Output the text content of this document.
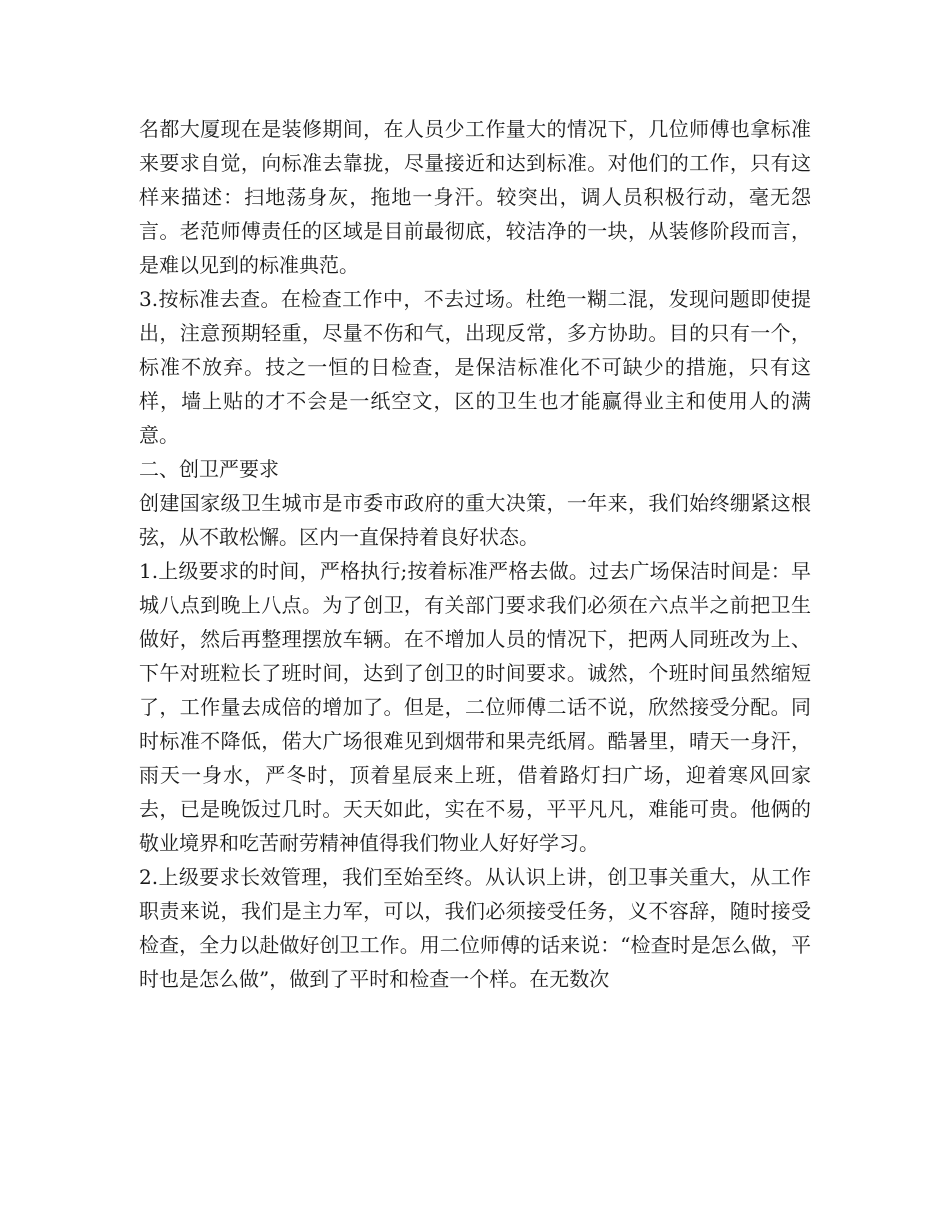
名都大厦现在是装修期间，在人员少工作量大的情况下，几位师傅也拿标准来要求自觉，向标准去靠拢，尽量接近和达到标准。对他们的工作，只有这样来描述：扫地荡身灰，拖地一身汗。较突出，调人员积极行动，毫无怨言。老范师傅责任的区域是目前最彻底，较洁净的一块，从装修阶段而言，是难以见到的标准典范。

3.按标准去查。在检查工作中，不去过场。杜绝一糊二混，发现问题即使提出，注意预期轻重，尽量不伤和气，出现反常，多方协助。目的只有一个，标准不放弃。技之一恒的日检查，是保洁标准化不可缺少的措施，只有这样，墙上贴的才不会是一纸空文，区的卫生也才能赢得业主和使用人的满意。

二、创卫严要求

创建国家级卫生城市是市委市政府的重大决策，一年来，我们始终绷紧这根弦，从不敢松懈。区内一直保持着良好状态。

1.上级要求的时间，严格执行;按着标准严格去做。过去广场保洁时间是：早城八点到晚上八点。为了创卫，有关部门要求我们必须在六点半之前把卫生做好，然后再整理摆放车辆。在不增加人员的情况下，把两人同班改为上、下午对班粒长了班时间，达到了创卫的时间要求。诚然，个班时间虽然缩短了，工作量去成倍的增加了。但是，二位师傅二话不说，欣然接受分配。同时标准不降低，偌大广场很难见到烟带和果壳纸屑。酷暑里，晴天一身汗，雨天一身水，严冬时，顶着星辰来上班，借着路灯扫广场，迎着寒风回家去，已是晚饭过几时。天天如此，实在不易，平平凡凡，难能可贵。他俩的敬业境界和吃苦耐劳精神值得我们物业人好好学习。

2.上级要求长效管理，我们至始至终。从认识上讲，创卫事关重大，从工作职责来说，我们是主力军，可以，我们必须接受任务，义不容辞，随时接受检查，全力以赴做好创卫工作。用二位师傅的话来说：“检查时是怎么做，平时也是怎么做”，做到了平时和检查一个样。在无数次
